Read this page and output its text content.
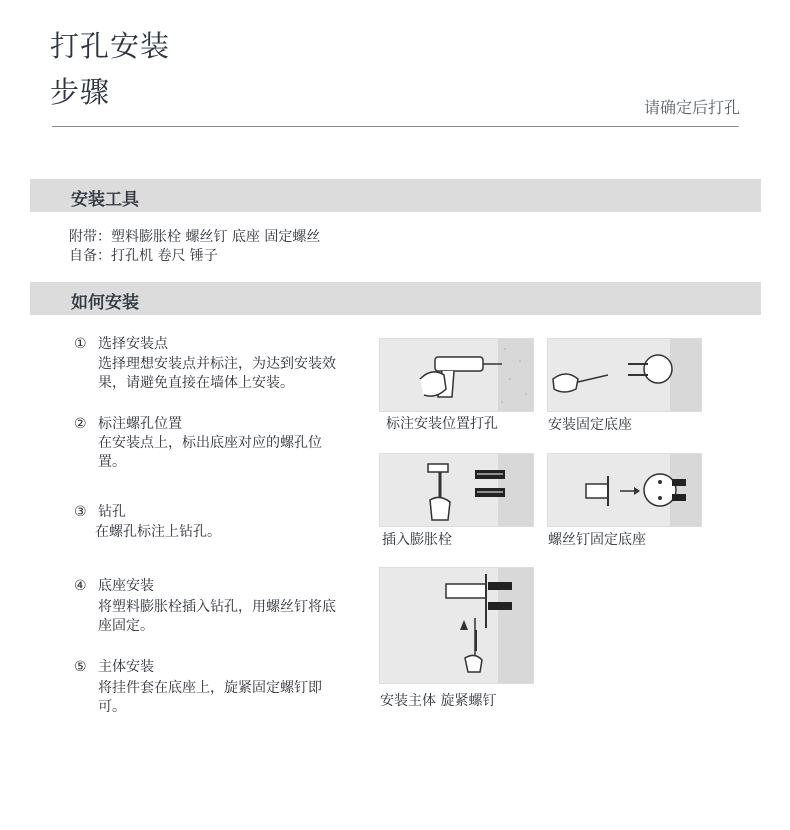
打孔安装
步骤	请确定后打孔
安装工具
附带：塑料膨胀栓 螺丝钉 底座 固定螺丝
自备：打孔机 卷尺 锤子
如何安装
① 选择安装点
选择理想安装点并标注，为达到安装效果，请避免直接在墙体上安装。
② 标注螺孔位置
在安装点上，标出底座对应的螺孔位置。
③ 钻孔
在螺孔标注上钻孔。
④ 底座安装
将塑料膨胀栓插入钻孔，用螺丝钉将底座固定。
⑤ 主体安装
将挂件套在底座上，旋紧固定螺钉即可。
标注安装位置打孔	安装固定底座
插入膨胀栓	螺丝钉固定底座
安装主体 旋紧螺钉
